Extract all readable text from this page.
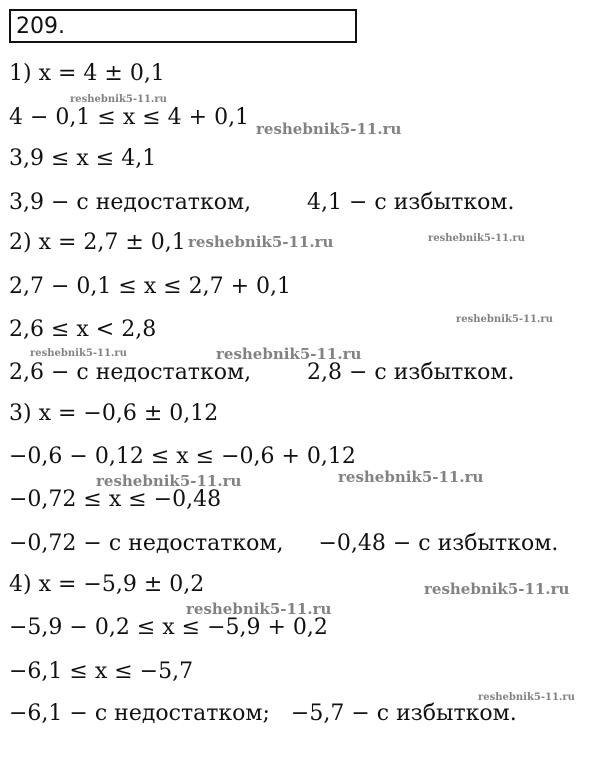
209.
1) x = 4 ± 0,1
4 − 0,1 ≤ x ≤ 4 + 0,1
3,9 ≤ x ≤ 4,1
3,9 − с недостатком,        4,1 − с избытком.
2) x = 2,7 ± 0,1
2,7 − 0,1 ≤ x ≤ 2,7 + 0,1
2,6 ≤ x < 2,8
2,6 − с недостатком,        2,8 − с избытком.
3) x = −0,6 ± 0,12
−0,6 − 0,12 ≤ x ≤ −0,6 + 0,12
−0,72 ≤ x ≤ −0,48
−0,72 − с недостатком,     −0,48 − с избытком.
4) x = −5,9 ± 0,2
−5,9 − 0,2 ≤ x ≤ −5,9 + 0,2
−6,1 ≤ x ≤ −5,7
−6,1 − с недостатком;   −5,7 − с избытком.
reshebnik5-11.ru
reshebnik5-11.ru
reshebnik5-11.ru	reshebnik5-11.ru
reshebnik5-11.ru
reshebnik5-11.ru	reshebnik5-11.ru
reshebnik5-11.ru
reshebnik5-11.ru
reshebnik5-11.ru
reshebnik5-11.ru
reshebnik5-11.ru
